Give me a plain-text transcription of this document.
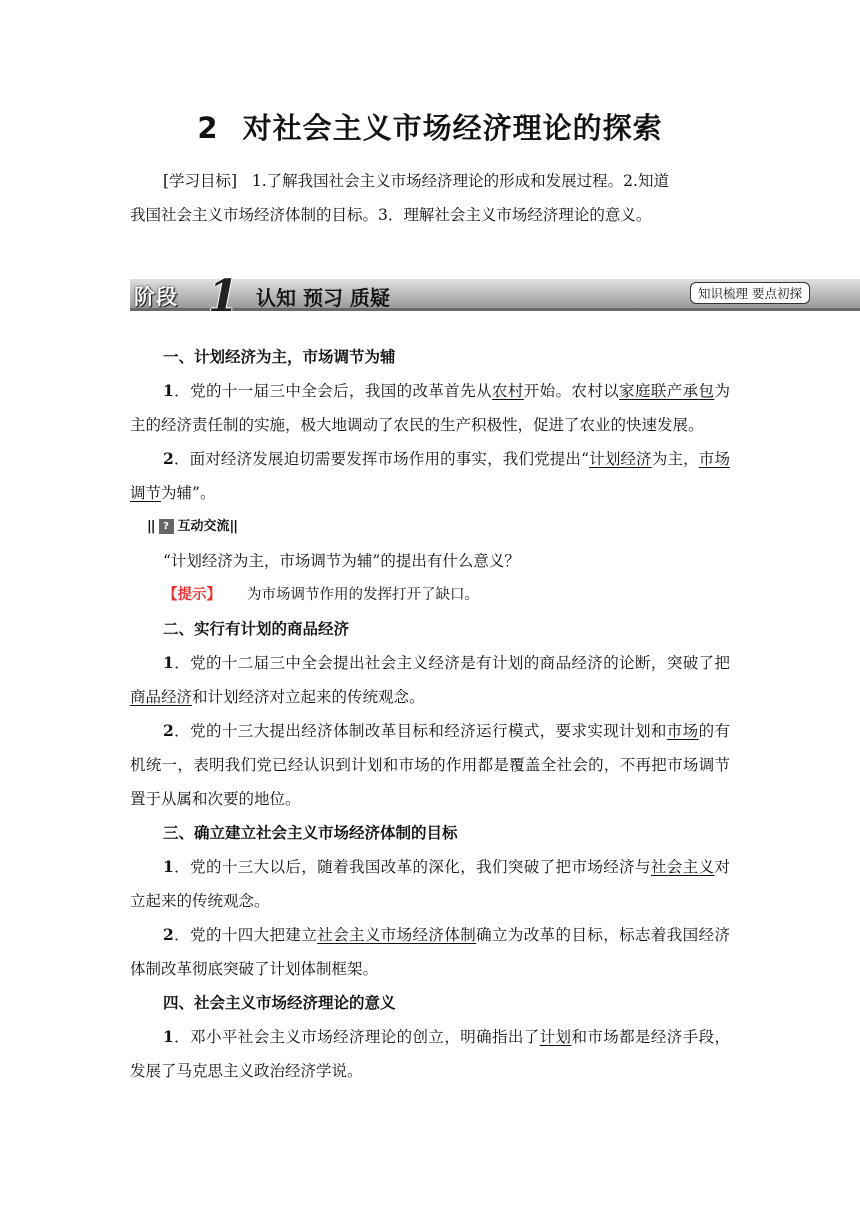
2 对社会主义市场经济理论的探索
[学习目标] 1.了解我国社会主义市场经济理论的形成和发展过程。2.知道
我国社会主义市场经济体制的目标。3．理解社会主义市场经济理论的意义。
阶段 1 认知 预习 质疑	知识梳理 要点初探

一、计划经济为主，市场调节为辅

1．党的十一届三中全会后，我国的改革首先从农村开始。农村以家庭联产承包为主的经济责任制的实施，极大地调动了农民的生产积极性，促进了农业的快速发展。

2．面对经济发展迫切需要发挥市场作用的事实，我们党提出“计划经济为主，市场调节为辅”。

|| ? 互动交流||

“计划经济为主，市场调节为辅”的提出有什么意义？

【提示】 为市场调节作用的发挥打开了缺口。

二、实行有计划的商品经济

1．党的十二届三中全会提出社会主义经济是有计划的商品经济的论断，突破了把商品经济和计划经济对立起来的传统观念。

2．党的十三大提出经济体制改革目标和经济运行模式，要求实现计划和市场的有机统一，表明我们党已经认识到计划和市场的作用都是覆盖全社会的，不再把市场调节置于从属和次要的地位。

三、确立建立社会主义市场经济体制的目标

1．党的十三大以后，随着我国改革的深化，我们突破了把市场经济与社会主义对立起来的传统观念。

2．党的十四大把建立社会主义市场经济体制确立为改革的目标，标志着我国经济体制改革彻底突破了计划体制框架。

四、社会主义市场经济理论的意义

1．邓小平社会主义市场经济理论的创立，明确指出了计划和市场都是经济手段，发展了马克思主义政治经济学说。
